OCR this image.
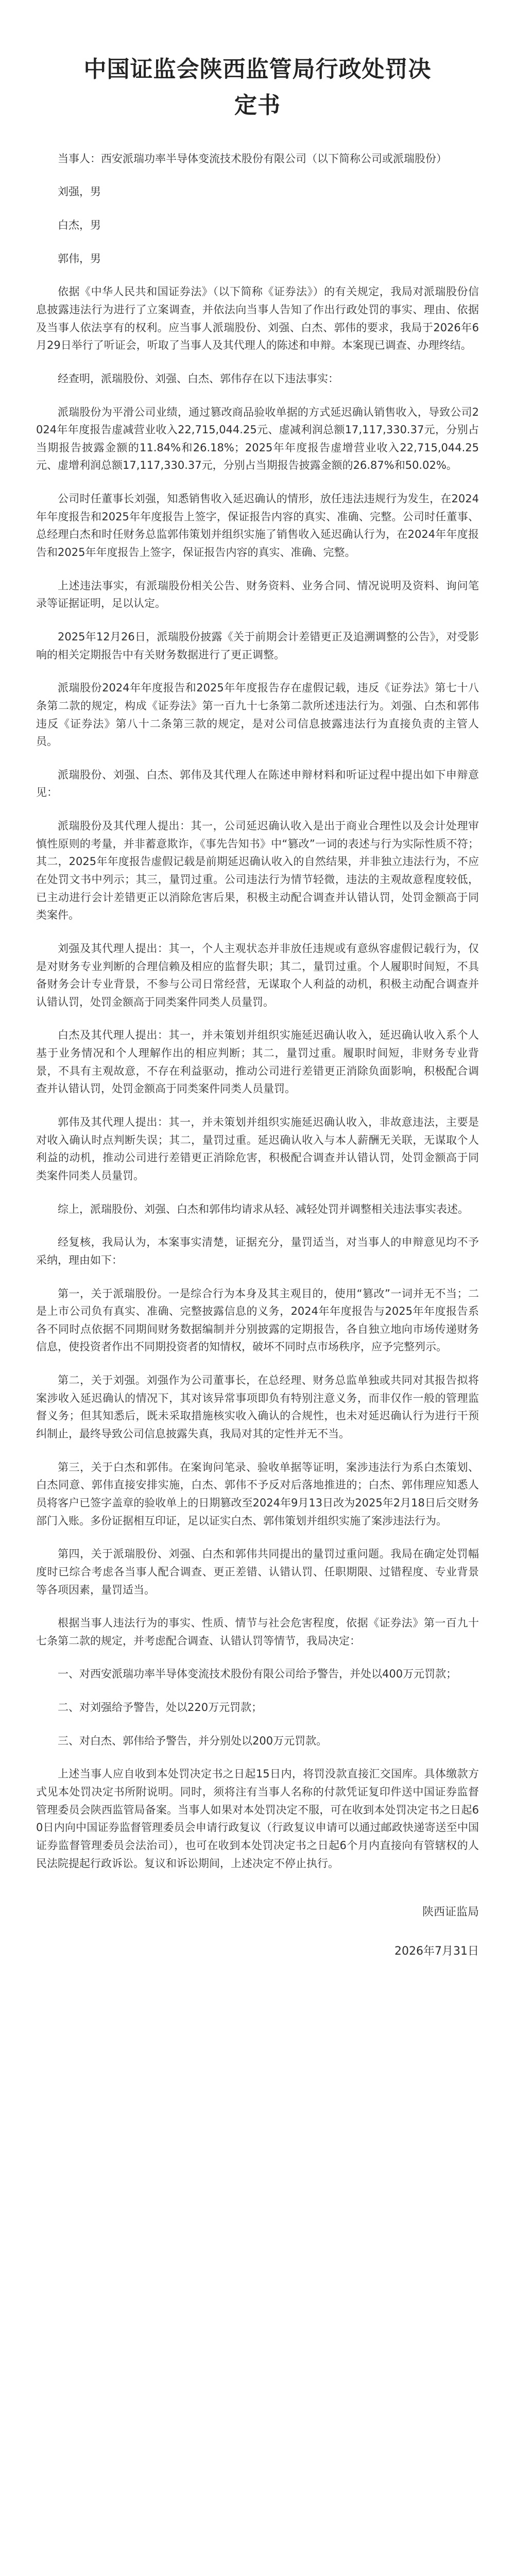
中国证监会陕西监管局行政处罚决定书

当事人：西安派瑞功率半导体变流技术股份有限公司（以下简称公司或派瑞股份）

刘强，男

白杰，男

郭伟，男

依据《中华人民共和国证券法》（以下简称《证券法》）的有关规定，我局对派瑞股份信息披露违法行为进行了立案调查，并依法向当事人告知了作出行政处罚的事实、理由、依据及当事人依法享有的权利。应当事人派瑞股份、刘强、白杰、郭伟的要求，我局于2026年6月29日举行了听证会，听取了当事人及其代理人的陈述和申辩。本案现已调查、办理终结。

经查明，派瑞股份、刘强、白杰、郭伟存在以下违法事实：

派瑞股份为平滑公司业绩，通过篡改商品验收单据的方式延迟确认销售收入，导致公司2024年年度报告虚减营业收入22,715,044.25元、虚减利润总额17,117,330.37元，分别占当期报告披露金额的11.84%和26.18%；2025年年度报告虚增营业收入22,715,044.25元、虚增利润总额17,117,330.37元，分别占当期报告披露金额的26.87%和50.02%。

公司时任董事长刘强，知悉销售收入延迟确认的情形，放任违法违规行为发生，在2024年年度报告和2025年年度报告上签字，保证报告内容的真实、准确、完整。公司时任董事、总经理白杰和时任财务总监郭伟策划并组织实施了销售收入延迟确认行为，在2024年年度报告和2025年年度报告上签字，保证报告内容的真实、准确、完整。

上述违法事实，有派瑞股份相关公告、财务资料、业务合同、情况说明及资料、询问笔录等证据证明，足以认定。

2025年12月26日，派瑞股份披露《关于前期会计差错更正及追溯调整的公告》，对受影响的相关定期报告中有关财务数据进行了更正调整。

派瑞股份2024年年度报告和2025年年度报告存在虚假记载，违反《证券法》第七十八条第二款的规定，构成《证券法》第一百九十七条第二款所述违法行为。刘强、白杰和郭伟违反《证券法》第八十二条第三款的规定，是对公司信息披露违法行为直接负责的主管人员。

派瑞股份、刘强、白杰、郭伟及其代理人在陈述申辩材料和听证过程中提出如下申辩意见：

派瑞股份及其代理人提出：其一，公司延迟确认收入是出于商业合理性以及会计处理审慎性原则的考量，并非蓄意欺诈，《事先告知书》中“篡改”一词的表述与行为实际性质不符；其二，2025年年度报告虚假记载是前期延迟确认收入的自然结果，并非独立违法行为，不应在处罚文书中列示；其三，量罚过重。公司违法行为情节轻微，违法的主观故意程度较低，已主动进行会计差错更正以消除危害后果，积极主动配合调查并认错认罚，处罚金额高于同类案件。

刘强及其代理人提出：其一，个人主观状态并非放任违规或有意纵容虚假记载行为，仅是对财务专业判断的合理信赖及相应的监督失职；其二，量罚过重。个人履职时间短，不具备财务会计专业背景，不参与公司日常经营，无谋取个人利益的动机，积极主动配合调查并认错认罚，处罚金额高于同类案件同类人员量罚。

白杰及其代理人提出：其一，并未策划并组织实施延迟确认收入，延迟确认收入系个人基于业务情况和个人理解作出的相应判断；其二，量罚过重。履职时间短，非财务专业背景，不具有主观故意，不存在利益驱动，推动公司进行差错更正消除负面影响，积极配合调查并认错认罚，处罚金额高于同类案件同类人员量罚。

郭伟及其代理人提出：其一，并未策划并组织实施延迟确认收入，非故意违法，主要是对收入确认时点判断失误；其二，量罚过重。延迟确认收入与本人薪酬无关联，无谋取个人利益的动机，推动公司进行差错更正消除危害，积极配合调查并认错认罚，处罚金额高于同类案件同类人员量罚。

综上，派瑞股份、刘强、白杰和郭伟均请求从轻、减轻处罚并调整相关违法事实表述。

经复核，我局认为，本案事实清楚，证据充分，量罚适当，对当事人的申辩意见均不予采纳，理由如下：

第一，关于派瑞股份。一是综合行为本身及其主观目的，使用“篡改”一词并无不当；二是上市公司负有真实、准确、完整披露信息的义务，2024年年度报告与2025年年度报告系各不同时点依据不同期间财务数据编制并分别披露的定期报告，各自独立地向市场传递财务信息，使投资者作出不同期投资者的知情权，破坏不同时点市场秩序，应予完整列示。

第二，关于刘强。刘强作为公司董事长，在总经理、财务总监单独或共同对其报告拟将案涉收入延迟确认的情况下，其对该异常事项即负有特别注意义务，而非仅作一般的管理监督义务；但其知悉后，既未采取措施核实收入确认的合规性，也未对延迟确认行为进行干预纠制止，最终导致公司信息披露失真，我局对其的定性并无不当。

第三，关于白杰和郭伟。在案询问笔录、验收单据等证明，案涉违法行为系白杰策划、白杰同意、郭伟直接安排实施，白杰、郭伟不予反对后落地推进的；白杰、郭伟理应知悉人员将客户已签字盖章的验收单上的日期篡改至2024年9月13日改为2025年2月18日后交财务部门入账。多份证据相互印证，足以证实白杰、郭伟策划并组织实施了案涉违法行为。

第四，关于派瑞股份、刘强、白杰和郭伟共同提出的量罚过重问题。我局在确定处罚幅度时已综合考虑各当事人配合调查、更正差错、认错认罚、任职期限、过错程度、专业背景等各项因素，量罚适当。

根据当事人违法行为的事实、性质、情节与社会危害程度，依据《证券法》第一百九十七条第二款的规定，并考虑配合调查、认错认罚等情节，我局决定：

一、对西安派瑞功率半导体变流技术股份有限公司给予警告，并处以400万元罚款；

二、对刘强给予警告，处以220万元罚款；

三、对白杰、郭伟给予警告，并分别处以200万元罚款。

上述当事人应自收到本处罚决定书之日起15日内，将罚没款直接汇交国库。具体缴款方式见本处罚决定书所附说明。同时，须将注有当事人名称的付款凭证复印件送中国证券监督管理委员会陕西监管局备案。当事人如果对本处罚决定不服，可在收到本处罚决定书之日起60日内向中国证券监督管理委员会申请行政复议（行政复议申请可以通过邮政快递寄送至中国证券监督管理委员会法治司），也可在收到本处罚决定书之日起6个月内直接向有管辖权的人民法院提起行政诉讼。复议和诉讼期间，上述决定不停止执行。

陕西证监局
2026年7月31日
